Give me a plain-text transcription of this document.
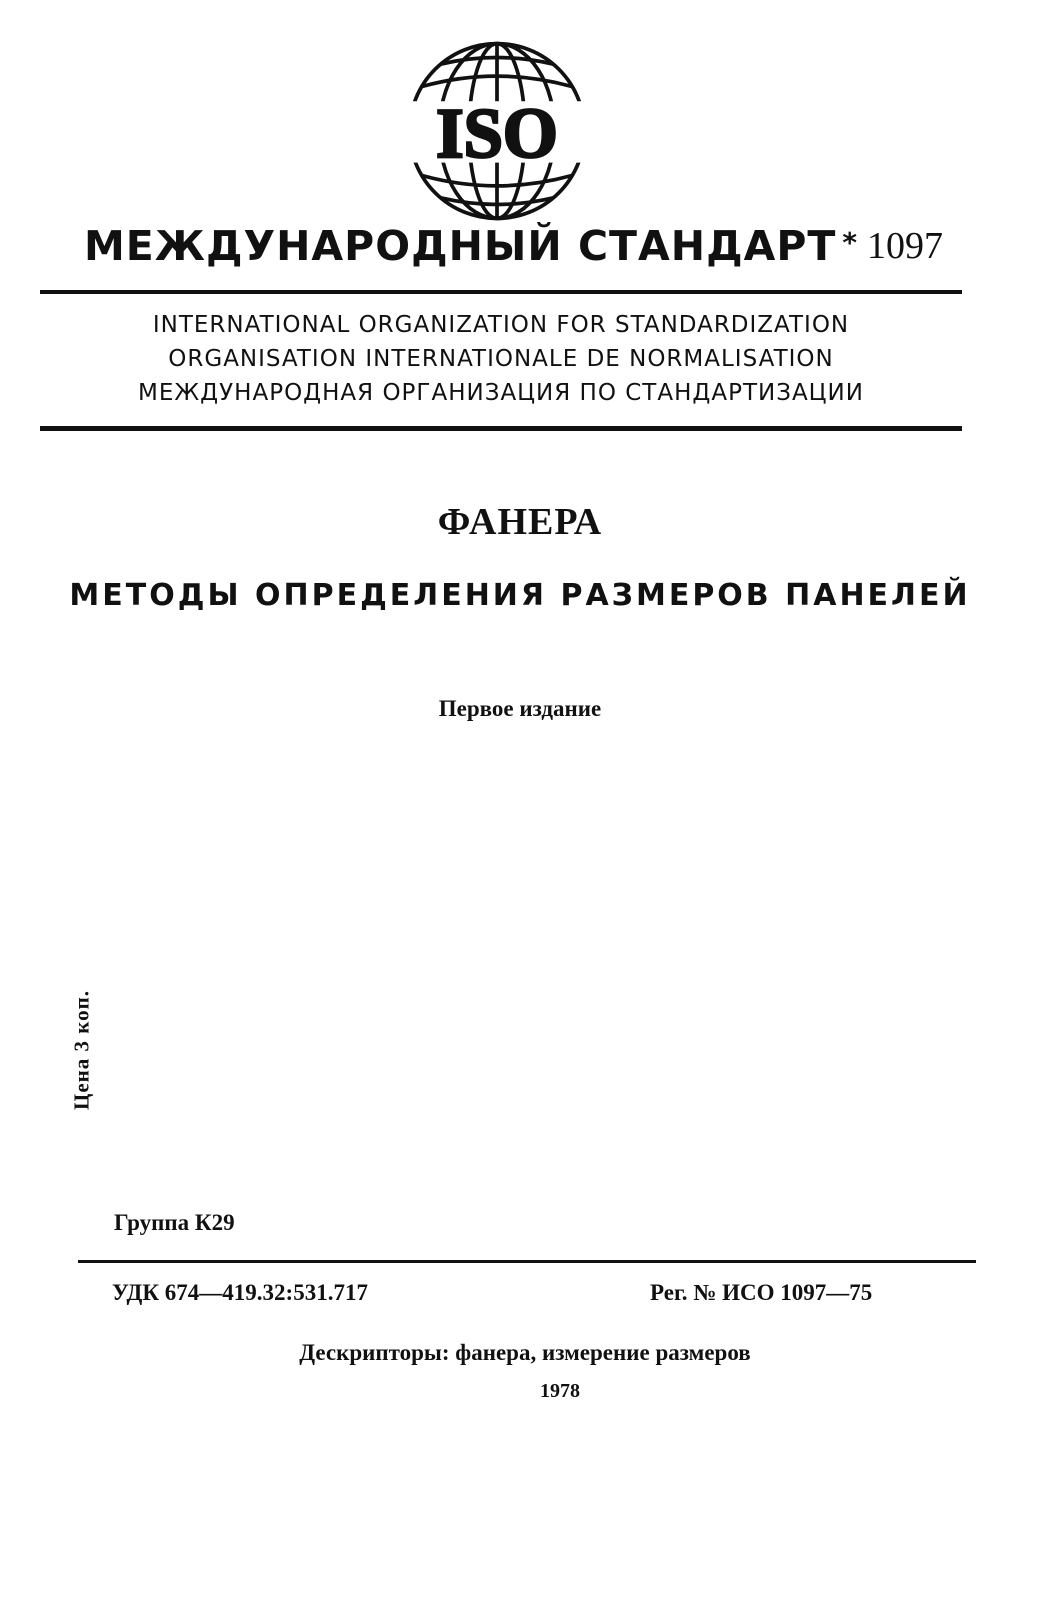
ISO
МЕЖДУНАРОДНЫЙ СТАНДАРТ * 1097
INTERNATIONAL ORGANIZATION FOR STANDARDIZATION
ORGANISATION INTERNATIONALE DE NORMALISATION
МЕЖДУНАРОДНАЯ ОРГАНИЗАЦИЯ ПО СТАНДАРТИЗАЦИИ
ФАНЕРА
МЕТОДЫ ОПРЕДЕЛЕНИЯ РАЗМЕРОВ ПАНЕЛЕЙ
Первое издание
Цена 3 коп.
Группа К29
УДК 674—419.32:531.717	Рег. № ИСО 1097—75
Дескрипторы: фанера, измерение размеров
1978
